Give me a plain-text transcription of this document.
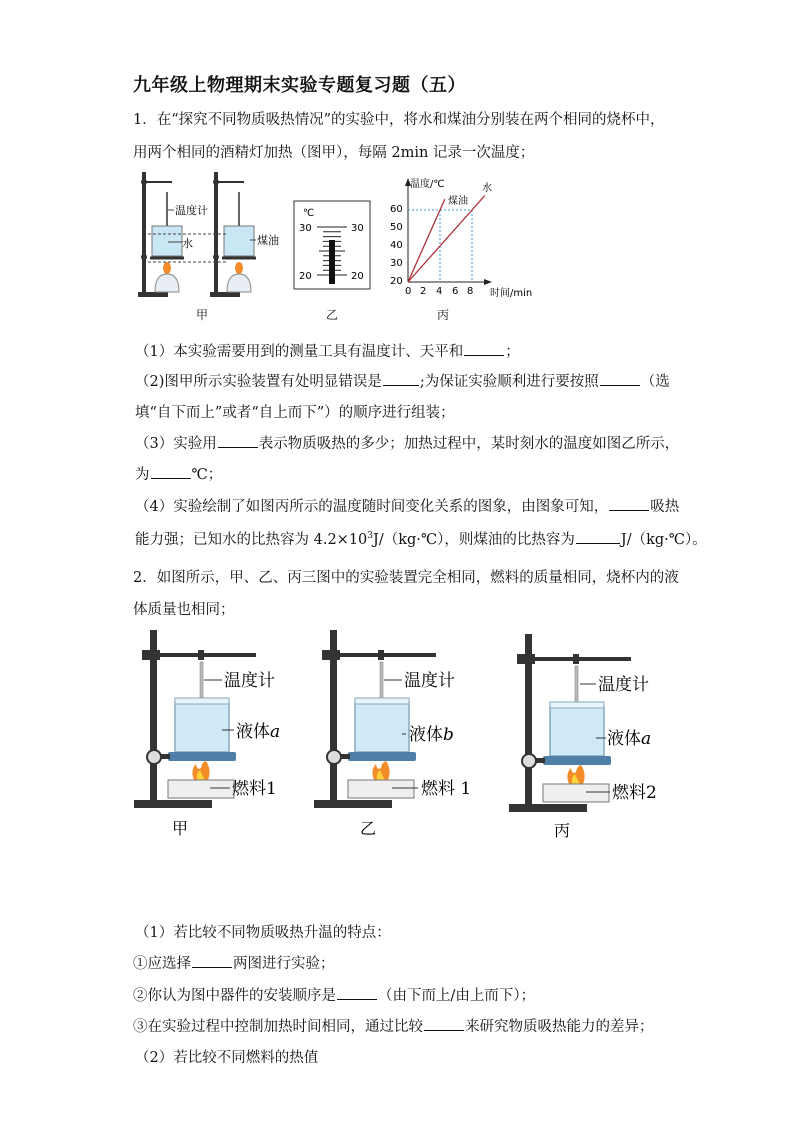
九年级上物理期末实验专题复习题（五）
1．在“探究不同物质吸热情况”的实验中，将水和煤油分别装在两个相同的烧杯中，
用两个相同的酒精灯加热（图甲），每隔 2min 记录一次温度；
温度计
水	煤油
甲
℃
30	30
20	20
乙
温度/℃
时间/min
60
50
40
30
20
0 2 4 6 8
煤油
水
丙
（1）本实验需要用到的测量工具有温度计、天平和	；
（2)图甲所示实验装置有处明显错误是	;为保证实验顺利进行要按照	（选
填“自下而上”或者“自上而下”）的顺序进行组装；
（3）实验用	表示物质吸热的多少；加热过程中，某时刻水的温度如图乙所示，
为	℃；
（4）实验绘制了如图丙所示的温度随时间变化关系的图象，由图象可知，	吸热
能力强；已知水的比热容为 $4.2\times 10^3J/(kg\cdot℃)$，则煤油的比热容为	J/（kg·℃）。
2．如图所示，甲、乙、丙三图中的实验装置完全相同，燃料的质量相同，烧杯内的液
体质量也相同；
温度计
液体a
燃料1
温度计
液体b
燃料 1
温度计
液体a
燃料2
甲	乙	丙
（1）若比较不同物质吸热升温的特点：
①应选择	两图进行实验；
②你认为图中器件的安装顺序是	（由下而上/由上而下）；
③在实验过程中控制加热时间相同，通过比较	来研究物质吸热能力的差异；
（2）若比较不同燃料的热值
